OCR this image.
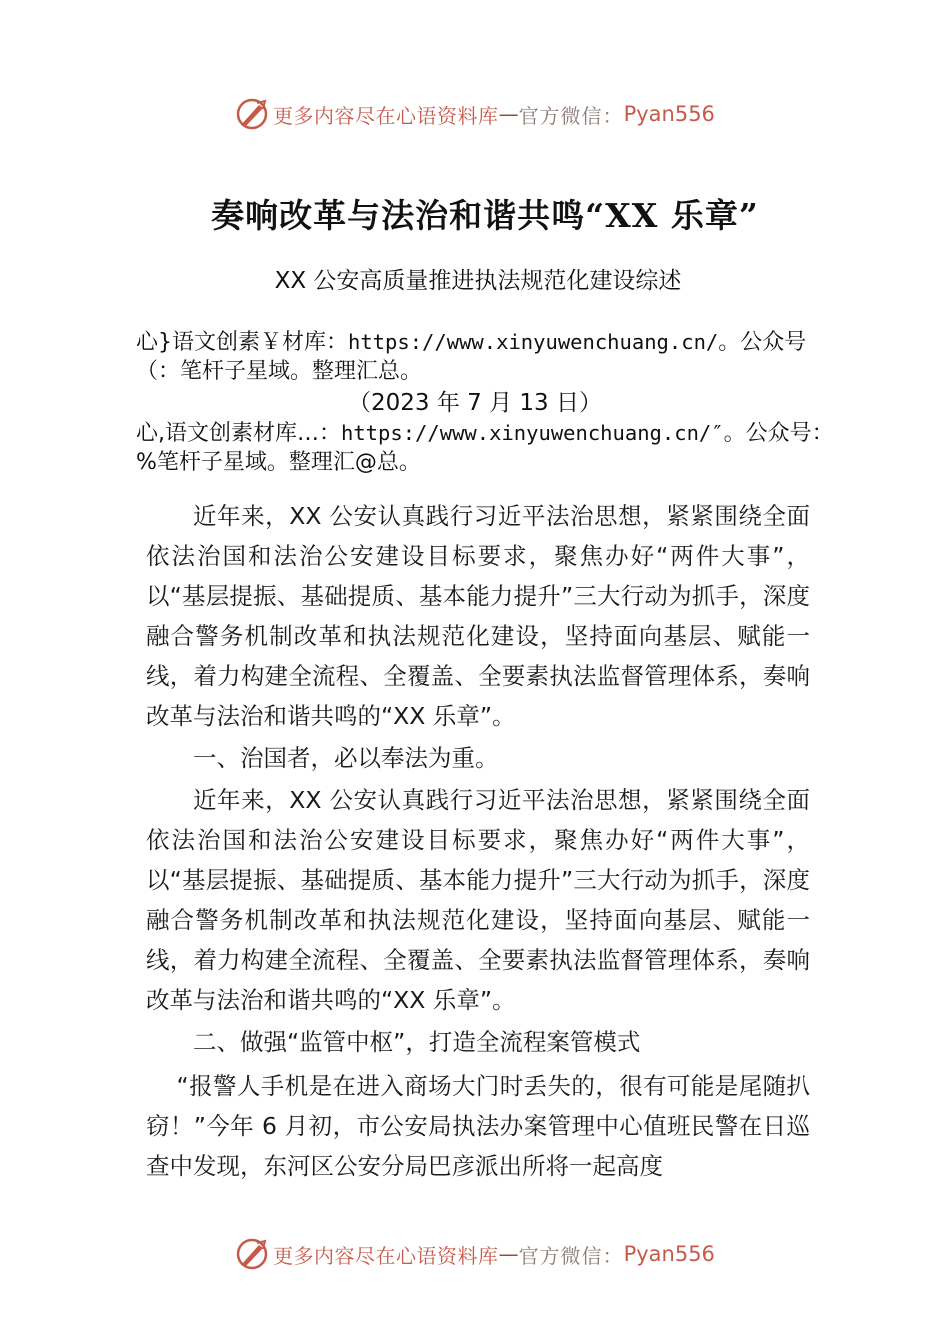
更多内容尽在心语资料库 — 官方微信： Pyan556
奏响改革与法治和谐共鸣“XX 乐章”
XX 公安高质量推进执法规范化建设综述
心}语文创素￥材库：https://www.xinyuwenchuang.cn/。公众号（：笔杆子星域。整理汇总。
（2023 年 7 月 13 日）
心,语文创素材库…：https://www.xinyuwenchuang.cn/″。公众号：%笔杆子星域。整理汇@总。

近年来，XX 公安认真践行习近平法治思想，紧紧围绕全面依法治国和法治公安建设目标要求，聚焦办好“两件大事”，以“基层提振、基础提质、基本能力提升”三大行动为抓手，深度融合警务机制改革和执法规范化建设，坚持面向基层、赋能一线，着力构建全流程、全覆盖、全要素执法监督管理体系，奏响改革与法治和谐共鸣的“XX 乐章”。

一、治国者，必以奉法为重。

近年来，XX 公安认真践行习近平法治思想，紧紧围绕全面依法治国和法治公安建设目标要求，聚焦办好“两件大事”，以“基层提振、基础提质、基本能力提升”三大行动为抓手，深度融合警务机制改革和执法规范化建设，坚持面向基层、赋能一线，着力构建全流程、全覆盖、全要素执法监督管理体系，奏响改革与法治和谐共鸣的“XX 乐章”。

二、做强“监管中枢”，打造全流程案管模式

“报警人手机是在进入商场大门时丢失的，很有可能是尾随扒窃！”今年 6 月初，市公安局执法办案管理中心值班民警在日巡查中发现，东河区公安分局巴彦派出所将一起高度

更多内容尽在心语资料库 — 官方微信： Pyan556
